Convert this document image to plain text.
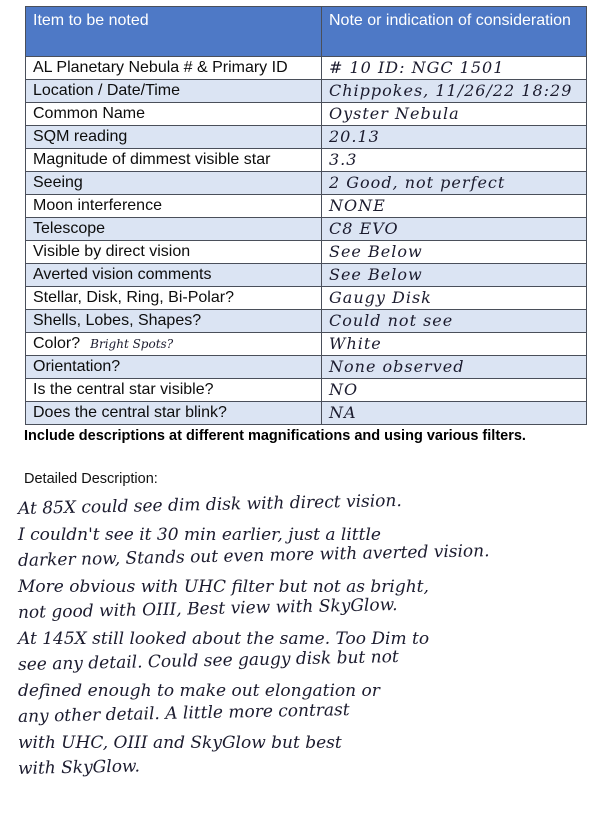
Item to be noted	Note or indication of consideration
AL Planetary Nebula # & Primary ID	# 10 ID: NGC 1501
Location / Date/Time	Chippokes, 11/26/22 18:29
Common Name	Oyster Nebula
SQM reading	20.13
Magnitude of dimmest visible star	3.3
Seeing	2 Good, not perfect
Moon interference	NONE
Telescope	C8 EVO
Visible by direct vision	See Below
Averted vision comments	See Below
Stellar, Disk, Ring, Bi-Polar?	Gaugy Disk
Shells, Lobes, Shapes?	Could not see
Color? Bright Spots?	White
Orientation?	None observed
Is the central star visible?	NO
Does the central star blink?	NA
Include descriptions at different magnifications and using various filters.
Detailed Description:
At 85X could see dim disk with direct vision.
I couldn't see it 30 min earlier, just a little
darker now, Stands out even more with averted vision.
More obvious with UHC filter but not as bright,
not good with OIII, Best view with SkyGlow.
At 145X still looked about the same. Too Dim to
see any detail. Could see gaugy disk but not
defined enough to make out elongation or
any other detail. A little more contrast
with UHC, OIII and SkyGlow but best
with SkyGlow.
